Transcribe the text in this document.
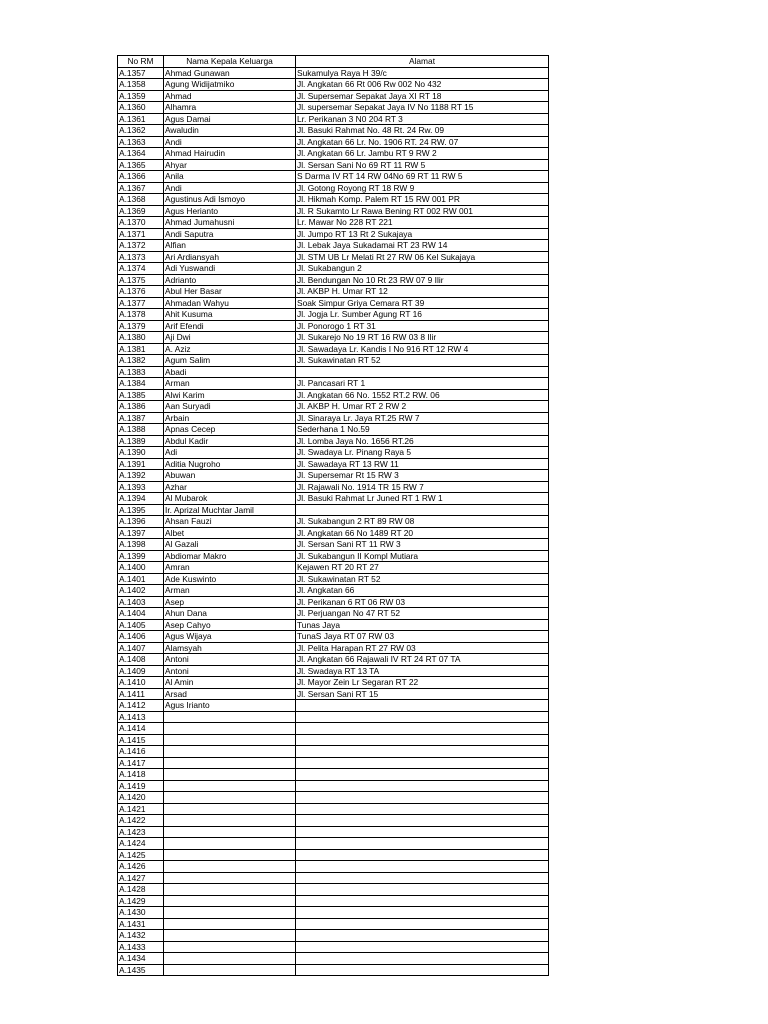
No RM	Nama Kepala Keluarga	Alamat
A.1357	Ahmad Gunawan	Sukamulya Raya H 39/c
A.1358	Agung Widijatmiko	Jl. Angkatan 66 Rt 006 Rw 002 No 432
A.1359	Ahmad	Jl. Supersemar Sepakat Jaya XI RT 18
A.1360	Alhamra	Jl. supersemar Sepakat Jaya IV No 1188 RT 15
A.1361	Agus Damai	Lr. Perikanan 3 N0 204 RT 3
A.1362	Awaludin	Jl. Basuki Rahmat No. 48 Rt. 24 Rw. 09
A.1363	Andi	Jl. Angkatan 66 Lr. No. 1906 RT. 24 RW. 07
A.1364	Ahmad Hairudin	Jl. Angkatan 66 Lr. Jambu RT 9 RW 2
A.1365	Ahyar	Jl. Sersan Sani No 69 RT 11 RW 5
A.1366	Anila	S Darma IV RT 14 RW 04No 69 RT 11 RW 5
A.1367	Andi	Jl. Gotong Royong RT 18 RW 9
A.1368	Agustinus Adi Ismoyo	Jl. Hikmah Komp. Palem RT 15 RW 001 PR
A.1369	Agus Herianto	Jl. R Sukamto Lr Rawa Bening RT 002 RW 001
A.1370	Ahmad Jumahusni	Lr. Mawar No 228 RT 221
A.1371	Andi Saputra	Jl. Jumpo RT 13 Rt 2 Sukajaya
A.1372	Alfian	Jl. Lebak Jaya Sukadamai RT 23 RW 14
A.1373	Ari Ardiansyah	Jl. STM UB Lr Melati Rt 27 RW 06 Kel Sukajaya
A.1374	Adi Yuswandi	Jl. Sukabangun 2
A.1375	Adrianto	Jl. Bendungan No 10 Rt 23 RW 07 9 Ilir
A.1376	Abul Her Basar	Jl. AKBP H. Umar RT 12
A.1377	Ahmadan Wahyu	Soak Simpur Griya Cemara RT 39
A.1378	Ahit Kusuma	Jl. Jogja Lr. Sumber Agung RT 16
A.1379	Arif Efendi	Jl. Ponorogo 1 RT 31
A.1380	Aji Dwi	Jl. Sukarejo No 19 RT 16 RW 03 8 Ilir
A.1381	A. Aziz	Jl. Sawadaya Lr. Kandis I No 916 RT 12 RW 4
A.1382	Agum Salim	Jl. Sukawinatan RT 52
A.1383	Abadi	
A.1384	Arman	Jl. Pancasari RT 1
A.1385	Alwi Karim	Jl. Angkatan 66 No. 1552 RT.2 RW. 06
A.1386	Aan Suryadi	Jl. AKBP H. Umar RT 2 RW 2
A.1387	Arbain	Jl. Sinaraya Lr. Jaya RT.25 RW 7
A.1388	Apnas Cecep	Sederhana 1 No.59
A.1389	Abdul Kadir	Jl. Lomba Jaya No. 1656 RT.26
A.1390	Adi	Jl. Swadaya Lr. Pinang Raya 5
A.1391	Aditia Nugroho	Jl. Sawadaya RT 13 RW 11
A.1392	Abuwan	Jl. Supersemar Rt 15 RW 3
A.1393	Azhar	Jl. Rajawali No. 1914 TR 15 RW 7
A.1394	Al Mubarok	Jl. Basuki Rahmat Lr Juned RT 1 RW 1
A.1395	Ir. Aprizal Muchtar Jamil	
A.1396	Ahsan Fauzi	Jl. Sukabangun 2 RT 89 RW 08
A.1397	Albet	Jl. Angkatan 66 No 1489 RT 20
A.1398	Al Gazali	Jl. Sersan Sani RT 11 RW 3
A.1399	Abdiomar Makro	Jl. Sukabangun II Kompl Mutiara
A.1400	Amran	Kejawen RT 20 RT 27
A.1401	Ade Kuswinto	Jl. Sukawinatan RT 52
A.1402	Arman	Jl. Angkatan 66
A.1403	Asep	Jl. Perikanan 6 RT 06 RW 03
A.1404	Ahun Dana	Jl. Perjuangan No 47 RT 52
A.1405	Asep Cahyo	Tunas Jaya
A.1406	Agus Wijaya	TunaS Jaya RT 07 RW 03
A.1407	Alamsyah	Jl. Pelita Harapan RT 27 RW 03
A.1408	Antoni	Jl. Angkatan 66 Rajawali IV RT 24 RT 07 TA
A.1409	Antoni	Jl. Swadaya RT 13 TA
A.1410	Al Amin	Jl. Mayor Zein Lr Segaran RT 22
A.1411	Arsad	Jl. Sersan Sani RT 15
A.1412	Agus Irianto	
A.1413		
A.1414		
A.1415		
A.1416		
A.1417		
A.1418		
A.1419		
A.1420		
A.1421		
A.1422		
A.1423		
A.1424		
A.1425		
A.1426		
A.1427		
A.1428		
A.1429		
A.1430		
A.1431		
A.1432		
A.1433		
A.1434		
A.1435		
